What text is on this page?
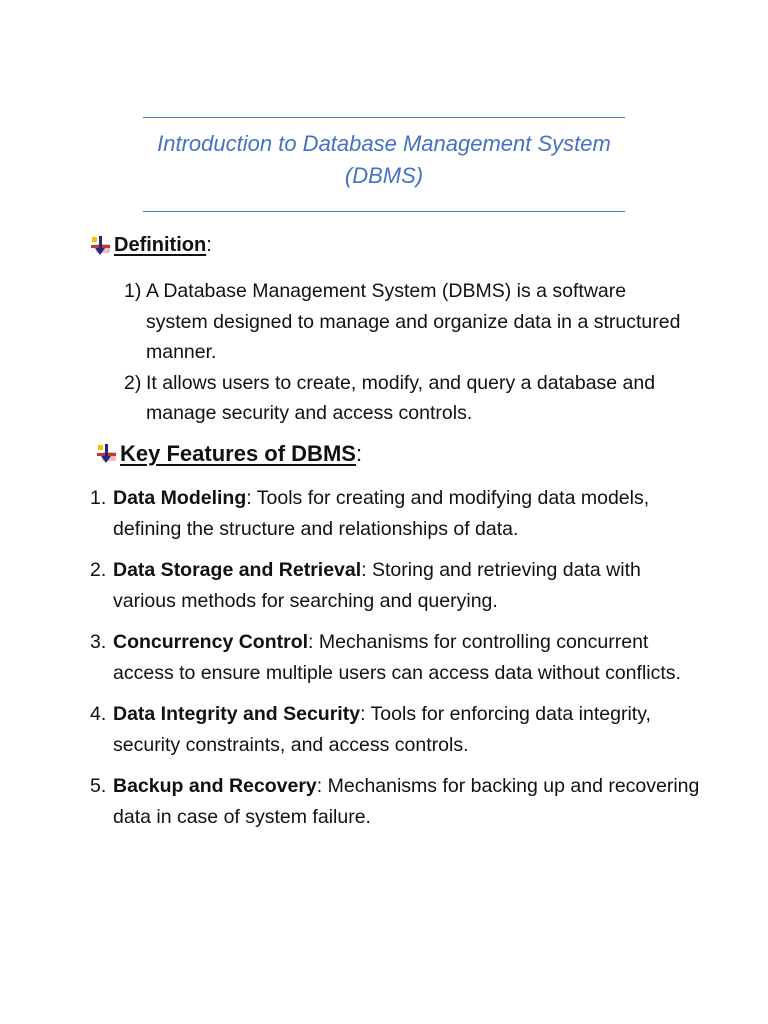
Introduction to Database Management System
(DBMS)
Definition :
1) A Database Management System (DBMS) is a software system designed to manage and organize data in a structured manner.
2) It allows users to create, modify, and query a database and manage security and access controls.
Key Features of DBMS :
1. Data Modeling: Tools for creating and modifying data models, defining the structure and relationships of data.
2. Data Storage and Retrieval: Storing and retrieving data with various methods for searching and querying.
3. Concurrency Control: Mechanisms for controlling concurrent access to ensure multiple users can access data without conflicts.
4. Data Integrity and Security: Tools for enforcing data integrity, security constraints, and access controls.
5. Backup and Recovery: Mechanisms for backing up and recovering data in case of system failure.
